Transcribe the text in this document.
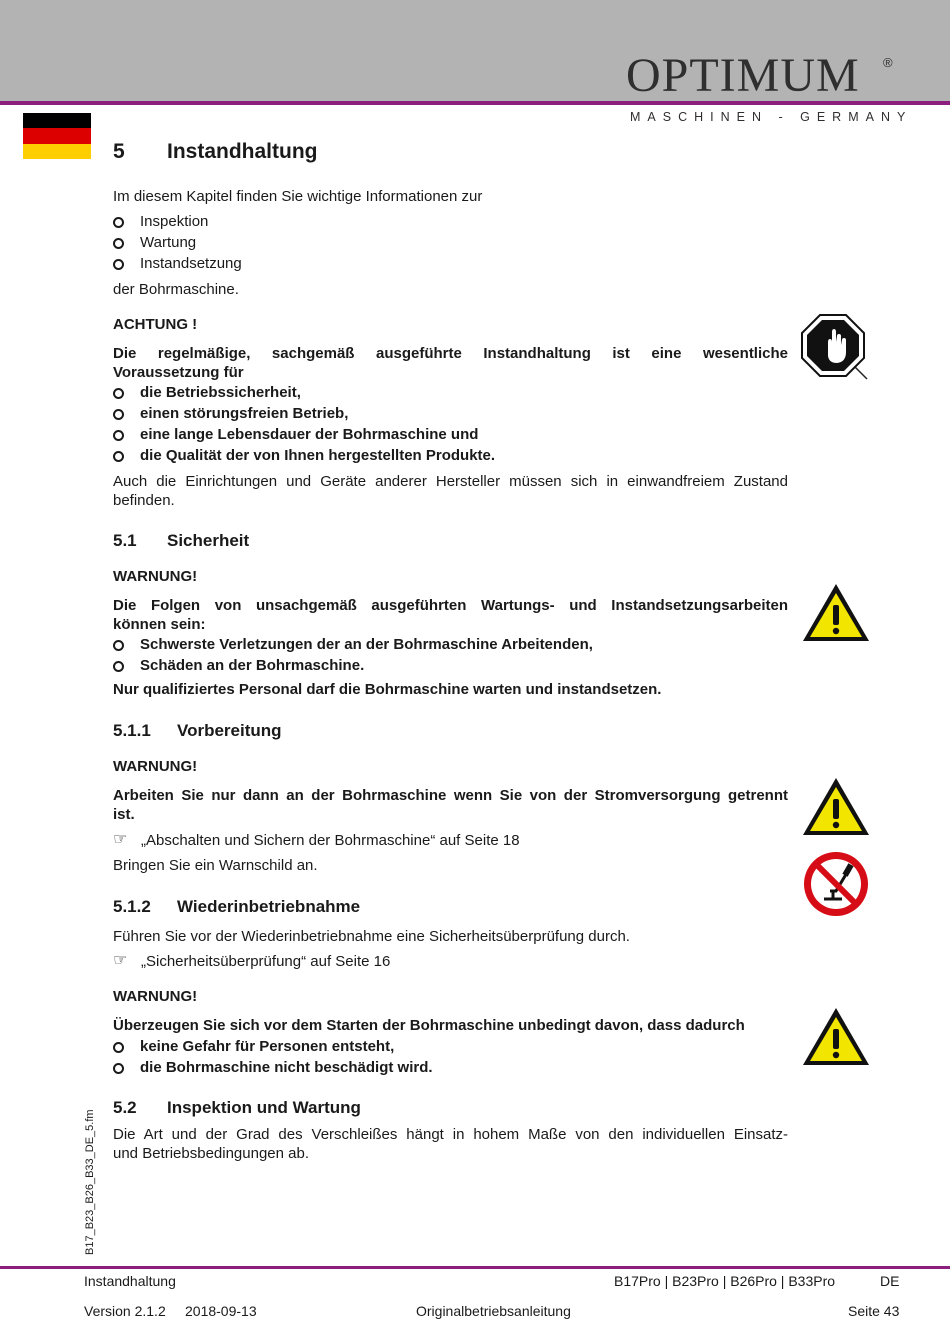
OPTIMUM ®
MASCHINEN - GERMANY
5 Instandhaltung
Im diesem Kapitel finden Sie wichtige Informationen zur
Inspektion
Wartung
Instandsetzung
der Bohrmaschine.
ACHTUNG !
Die regelmäßige, sachgemäß ausgeführte Instandhaltung ist eine wesentliche
Voraussetzung für
die Betriebssicherheit,
einen störungsfreien Betrieb,
eine lange Lebensdauer der Bohrmaschine und
die Qualität der von Ihnen hergestellten Produkte.
Auch die Einrichtungen und Geräte anderer Hersteller müssen sich in einwandfreiem Zustand
befinden.
5.1 Sicherheit
WARNUNG!
Die Folgen von unsachgemäß ausgeführten Wartungs- und Instandsetzungsarbeiten
können sein:
Schwerste Verletzungen der an der Bohrmaschine Arbeitenden,
Schäden an der Bohrmaschine.
Nur qualifiziertes Personal darf die Bohrmaschine warten und instandsetzen.
5.1.1 Vorbereitung
WARNUNG!
Arbeiten Sie nur dann an der Bohrmaschine wenn Sie von der Stromversorgung getrennt
ist.
☞ „Abschalten und Sichern der Bohrmaschine“ auf Seite 18
Bringen Sie ein Warnschild an.
5.1.2 Wiederinbetriebnahme
Führen Sie vor der Wiederinbetriebnahme eine Sicherheitsüberprüfung durch.
☞ „Sicherheitsüberprüfung“ auf Seite 16
WARNUNG!
Überzeugen Sie sich vor dem Starten der Bohrmaschine unbedingt davon, dass dadurch
keine Gefahr für Personen entsteht,
die Bohrmaschine nicht beschädigt wird.
5.2 Inspektion und Wartung
Die Art und der Grad des Verschleißes hängt in hohem Maße von den individuellen Einsatz-
und Betriebsbedingungen ab.
B17_B23_B26_B33_DE_5.fm
Instandhaltung	B17Pro | B23Pro | B26Pro | B33Pro	DE
Version 2.1.2 2018-09-13	Originalbetriebsanleitung	Seite 43
